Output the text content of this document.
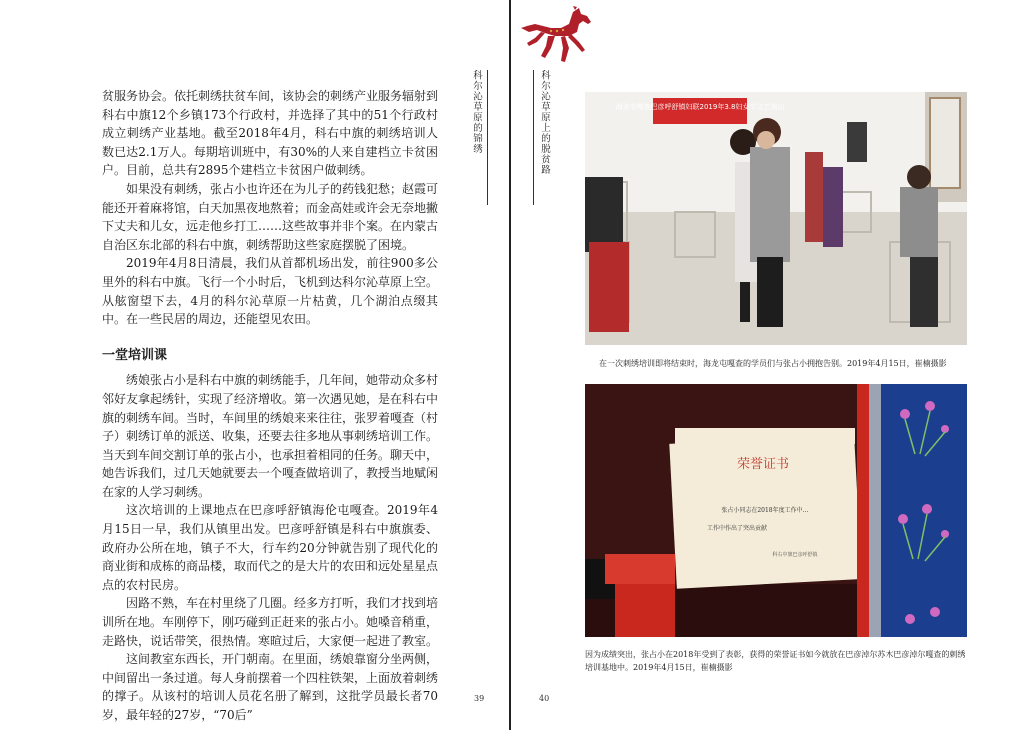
贫服务协会。依托刺绣扶贫车间，该协会的刺绣产业服务辐射到科右中旗12个乡镇173个行政村，并选择了其中的51个行政村成立刺绣产业基地。截至2018年4月，科右中旗的刺绣培训人数已达2.1万人。每期培训班中，有30%的人来自建档立卡贫困户。目前，总共有2895个建档立卡贫困户做刺绣。

如果没有刺绣，张占小也许还在为儿子的药钱犯愁；赵霞可能还开着麻将馆，白天加黑夜地熬着；而金高娃或许会无奈地撇下丈夫和儿女，远走他乡打工……这些故事并非个案。在内蒙古自治区东北部的科右中旗，刺绣帮助这些家庭摆脱了困境。

2019年4月8日清晨，我们从首都机场出发，前往900多公里外的科右中旗。飞行一个小时后，飞机到达科尔沁草原上空。从舷窗望下去，4月的科尔沁草原一片枯黄，几个湖泊点缀其中。在一些民居的周边，还能望见农田。

一堂培训课

绣娘张占小是科右中旗的刺绣能手，几年间，她带动众多村邻好友拿起绣针，实现了经济增收。第一次遇见她，是在科右中旗的刺绣车间。当时，车间里的绣娘来来往往，张罗着嘎查（村子）刺绣订单的派送、收集，还要去往多地从事刺绣培训工作。当天到车间交割订单的张占小，也承担着相同的任务。聊天中，她告诉我们，过几天她就要去一个嘎查做培训了，教授当地赋闲在家的人学习刺绣。

这次培训的上课地点在巴彦呼舒镇海伦屯嘎查。2019年4月15日一早，我们从镇里出发。巴彦呼舒镇是科右中旗旗委、政府办公所在地，镇子不大，行车约20分钟就告别了现代化的商业街和成栋的商品楼，取而代之的是大片的农田和远处星星点点的农村民房。

因路不熟，车在村里绕了几圈。经多方打听，我们才找到培训所在地。车刚停下，刚巧碰到正赶来的张占小。她嗓音稍重，走路快，说话带笑，很热情。寒暄过后，大家便一起进了教室。

这间教室东西长，开门朝南。在里面，绣娘靠窗分坐两侧，中间留出一条过道。每人身前摆着一个四柱铁架，上面放着刺绣的撑子。从该村的培训人员花名册了解到，这批学员最长者70岁，最年轻的27岁，“70后”

科尔沁草原的锦绣
39
科尔沁草原上的脱贫路	海龙屯嘎查巴彦呼舒镇妇联2019年3.8妇女节文艺演出
在一次刺绣培训即将结束时，海龙屯嘎查的学员们与张占小拥抱告别。2019年4月15日，崔楠摄影
荣誉证书
张占小同志在2018年度工作中…
工作中作出了突出贡献
科右中旗巴彦呼舒镇
因为成绩突出，张占小在2018年受到了表彰，获得的荣誉证书如今就放在巴彦淖尔苏木巴彦淖尔嘎查的刺绣培训基地中。2019年4月15日，崔楠摄影
40
